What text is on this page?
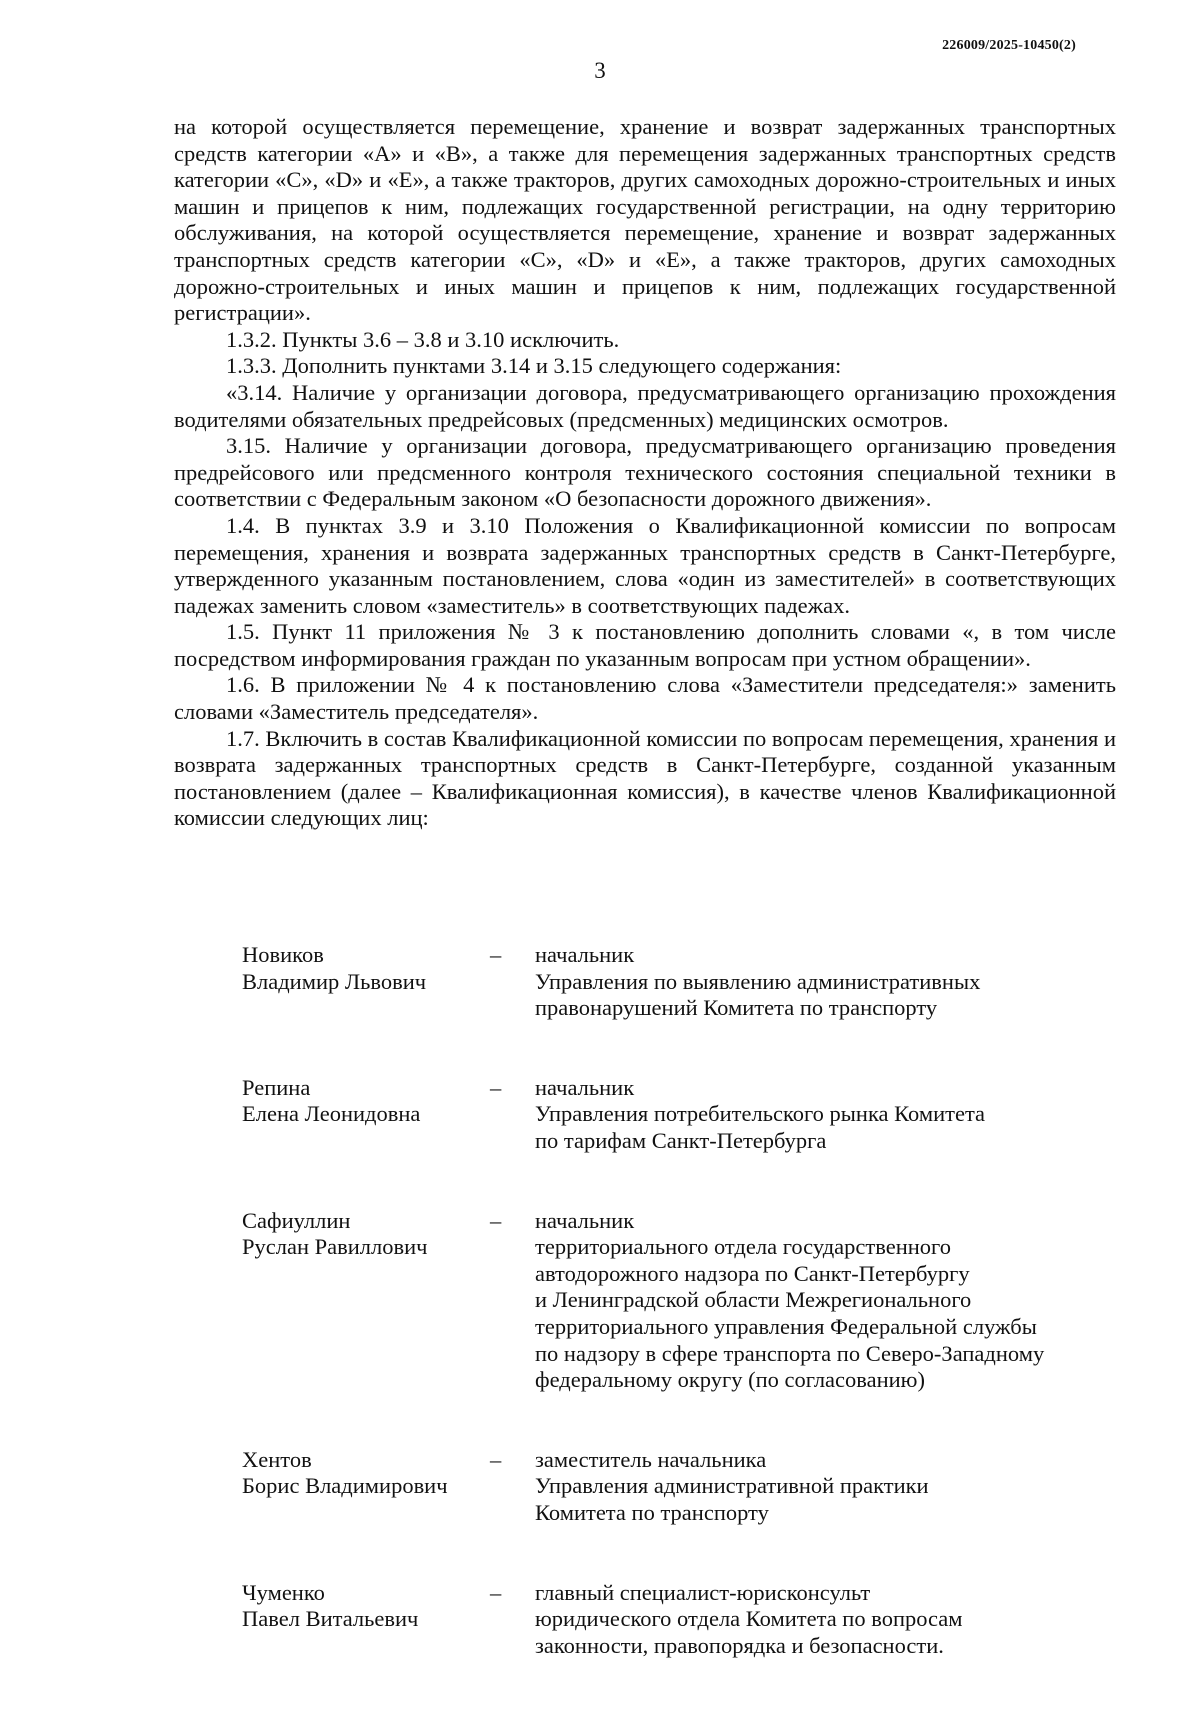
226009/2025-10450(2)
3

на которой осуществляется перемещение, хранение и возврат задержанных транспортных средств категории «А» и «В», а также для перемещения задержанных транспортных средств категории «С», «D» и «Е», а также тракторов, других самоходных дорожно-строительных и иных машин и прицепов к ним, подлежащих государственной регистрации, на одну территорию обслуживания, на которой осуществляется перемещение, хранение и возврат задержанных транспортных средств категории «С», «D» и «Е», а также тракторов, других самоходных дорожно-строительных и иных машин и прицепов к ним, подлежащих государственной регистрации».

1.3.2. Пункты 3.6 – 3.8 и 3.10 исключить.

1.3.3. Дополнить пунктами 3.14 и 3.15 следующего содержания:

«3.14. Наличие у организации договора, предусматривающего организацию прохождения водителями обязательных предрейсовых (предсменных) медицинских осмотров.

3.15. Наличие у организации договора, предусматривающего организацию проведения предрейсового или предсменного контроля технического состояния специальной техники в соответствии с Федеральным законом «О безопасности дорожного движения».

1.4. В пунктах 3.9 и 3.10 Положения о Квалификационной комиссии по вопросам перемещения, хранения и возврата задержанных транспортных средств в Санкт-Петербурге, утвержденного указанным постановлением, слова «один из заместителей» в соответствующих падежах заменить словом «заместитель» в соответствующих падежах.

1.5. Пункт 11 приложения № 3 к постановлению дополнить словами «, в том числе посредством информирования граждан по указанным вопросам при устном обращении».

1.6. В приложении № 4 к постановлению слова «Заместители председателя:» заменить словами «Заместитель председателя».

1.7. Включить в состав Квалификационной комиссии по вопросам перемещения, хранения и возврата задержанных транспортных средств в Санкт-Петербурге, созданной указанным постановлением (далее – Квалификационная комиссия), в качестве членов Квалификационной комиссии следующих лиц:

Новиков
Владимир Львович
–	начальник
Управления по выявлению административных
правонарушений Комитета по транспорту
Репина
Елена Леонидовна
–	начальник
Управления потребительского рынка Комитета
по тарифам Санкт-Петербурга
Сафиуллин
Руслан Равиллович
–	начальник
территориального отдела государственного
автодорожного надзора по Санкт-Петербургу
и Ленинградской области Межрегионального
территориального управления Федеральной службы
по надзору в сфере транспорта по Северо-Западному
федеральному округу (по согласованию)
Хентов
Борис Владимирович
–	заместитель начальника
Управления административной практики
Комитета по транспорту
Чуменко
Павел Витальевич
–	главный специалист-юрисконсульт
юридического отдела Комитета по вопросам
законности, правопорядка и безопасности.
